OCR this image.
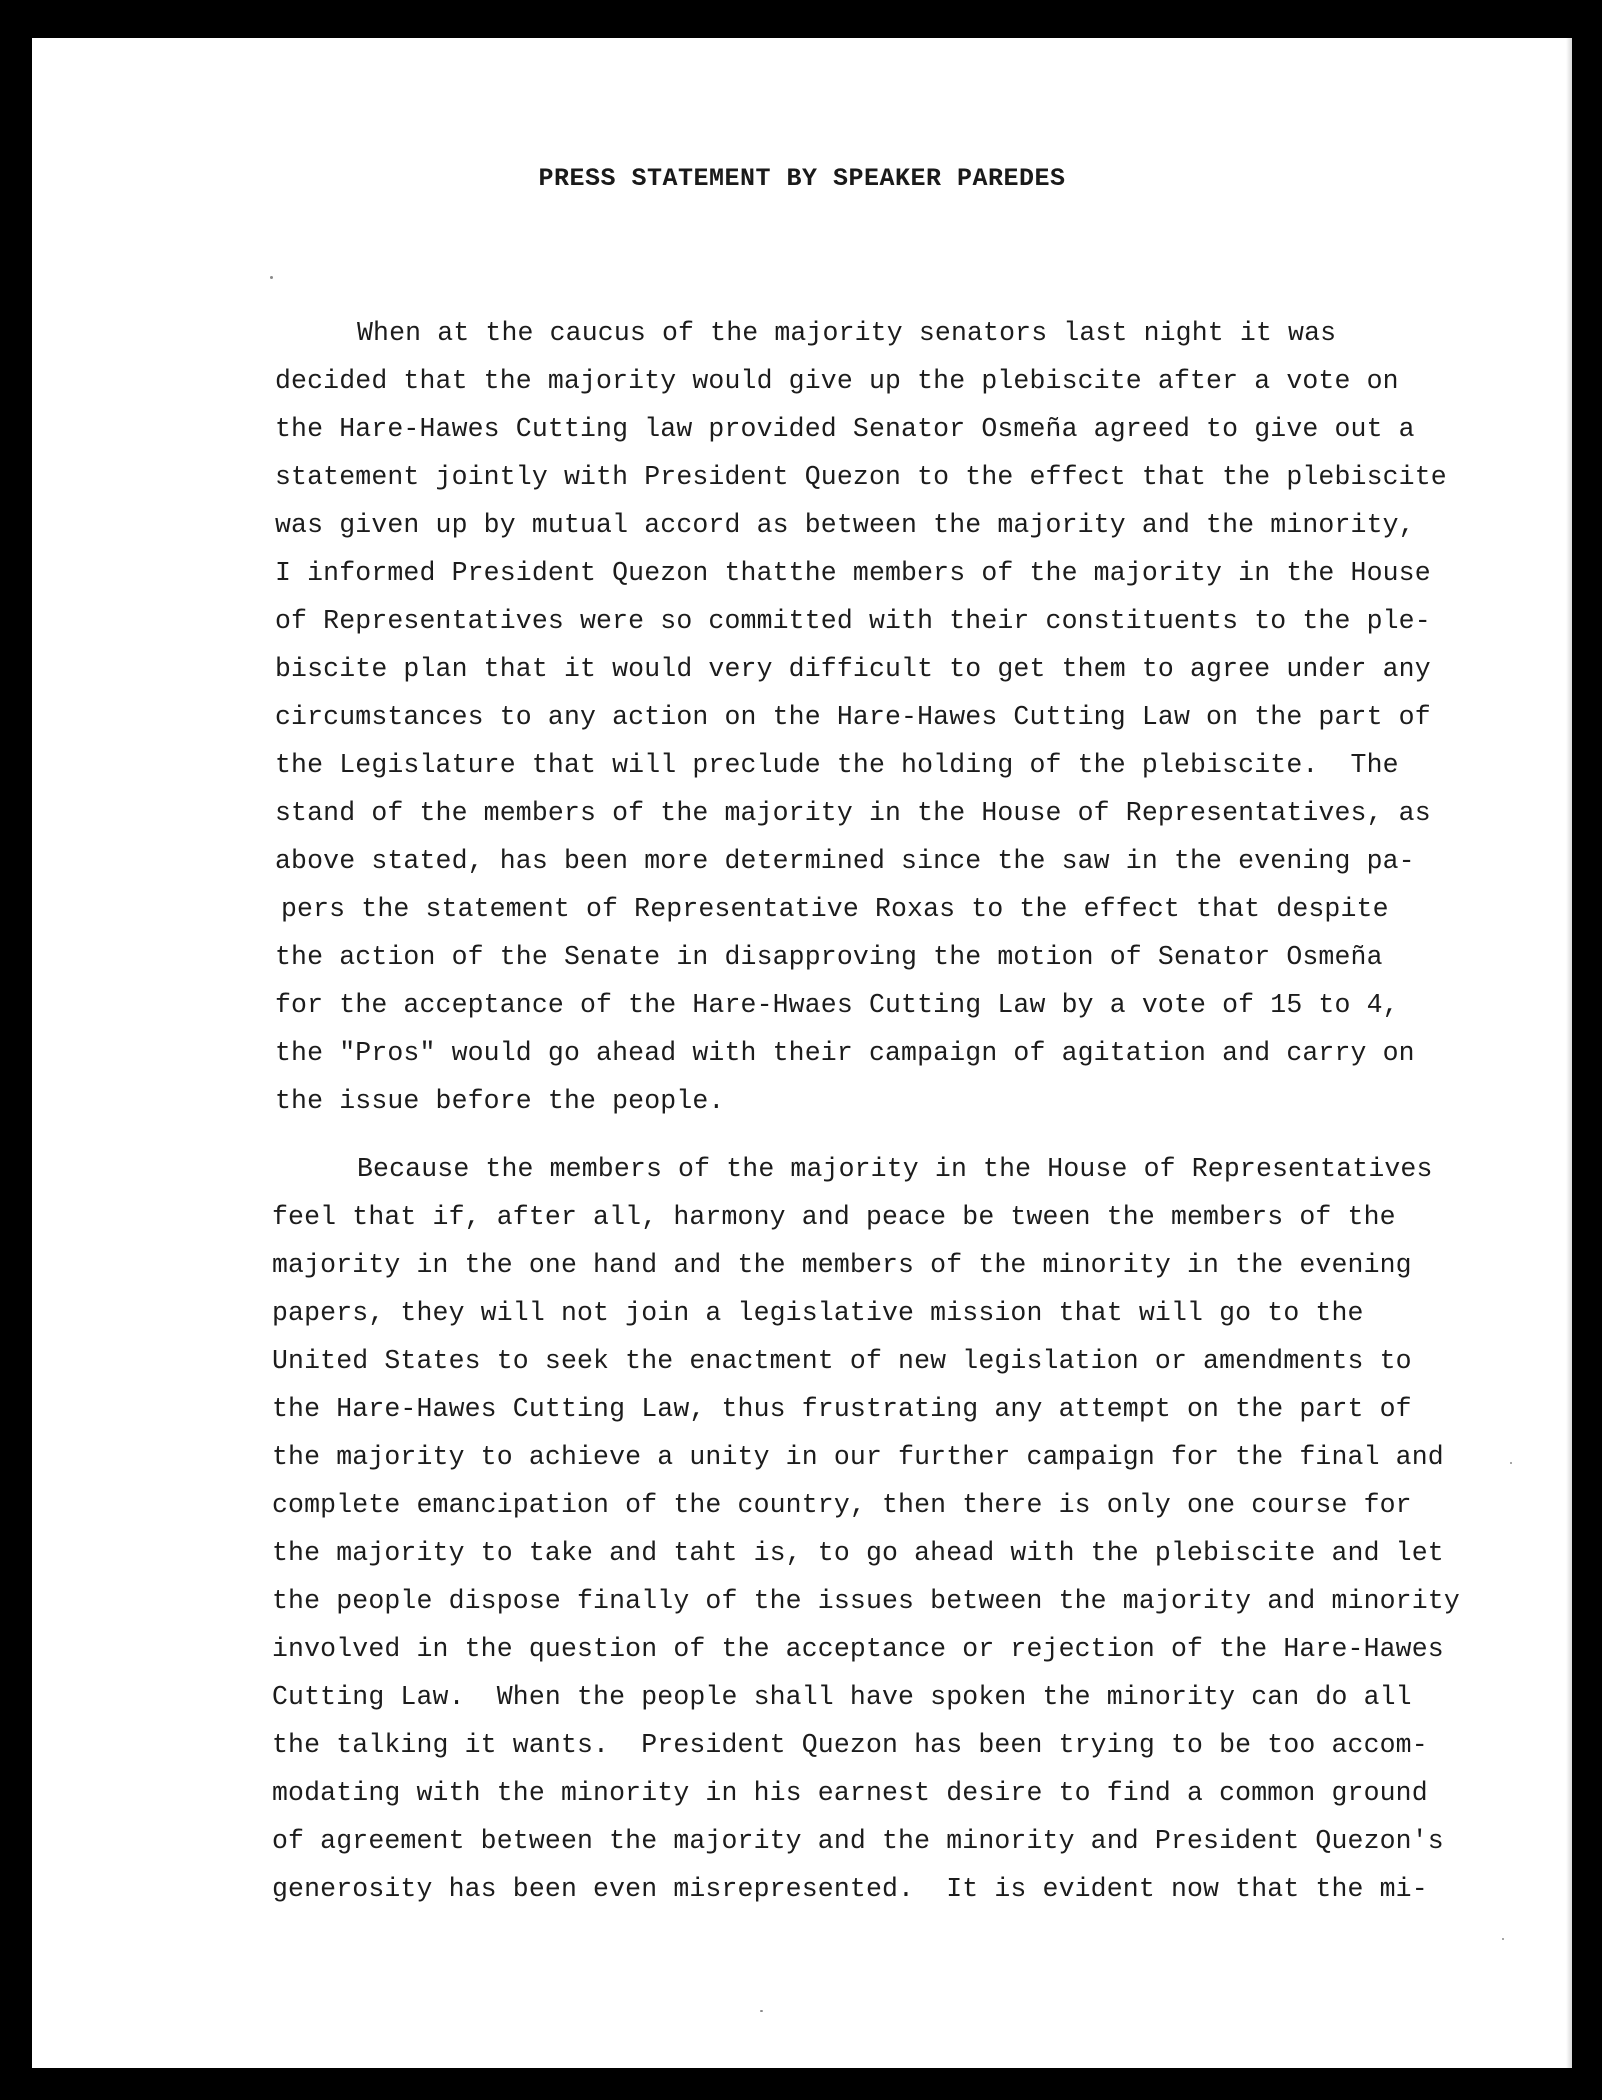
PRESS STATEMENT BY SPEAKER PAREDES

When at the caucus of the majority senators last night it was

decided that the majority would give up the plebiscite after a vote on

the Hare-Hawes Cutting law provided Senator Osmeña agreed to give out a

statement jointly with President Quezon to the effect that the plebiscite

was given up by mutual accord as between the majority and the minority,

I informed President Quezon thatthe members of the majority in the House

of Representatives were so committed with their constituents to the ple-

biscite plan that it would very difficult to get them to agree under any

circumstances to any action on the Hare-Hawes Cutting Law on the part of

the Legislature that will preclude the holding of the plebiscite.  The

stand of the members of the majority in the House of Representatives, as

above stated, has been more determined since the saw in the evening pa-

pers the statement of Representative Roxas to the effect that despite

the action of the Senate in disapproving the motion of Senator Osmeña

for the acceptance of the Hare-Hwaes Cutting Law by a vote of 15 to 4,

the "Pros" would go ahead with their campaign of agitation and carry on

the issue before the people.

Because the members of the majority in the House of Representatives

feel that if, after all, harmony and peace be tween the members of the

majority in the one hand and the members of the minority in the evening

papers, they will not join a legislative mission that will go to the

United States to seek the enactment of new legislation or amendments to

the Hare-Hawes Cutting Law, thus frustrating any attempt on the part of

the majority to achieve a unity in our further campaign for the final and

complete emancipation of the country, then there is only one course for

the majority to take and taht is, to go ahead with the plebiscite and let

the people dispose finally of the issues between the majority and minority

involved in the question of the acceptance or rejection of the Hare-Hawes

Cutting Law.  When the people shall have spoken the minority can do all

the talking it wants.  President Quezon has been trying to be too accom-

modating with the minority in his earnest desire to find a common ground

of agreement between the majority and the minority and President Quezon's

generosity has been even misrepresented.  It is evident now that the mi-
